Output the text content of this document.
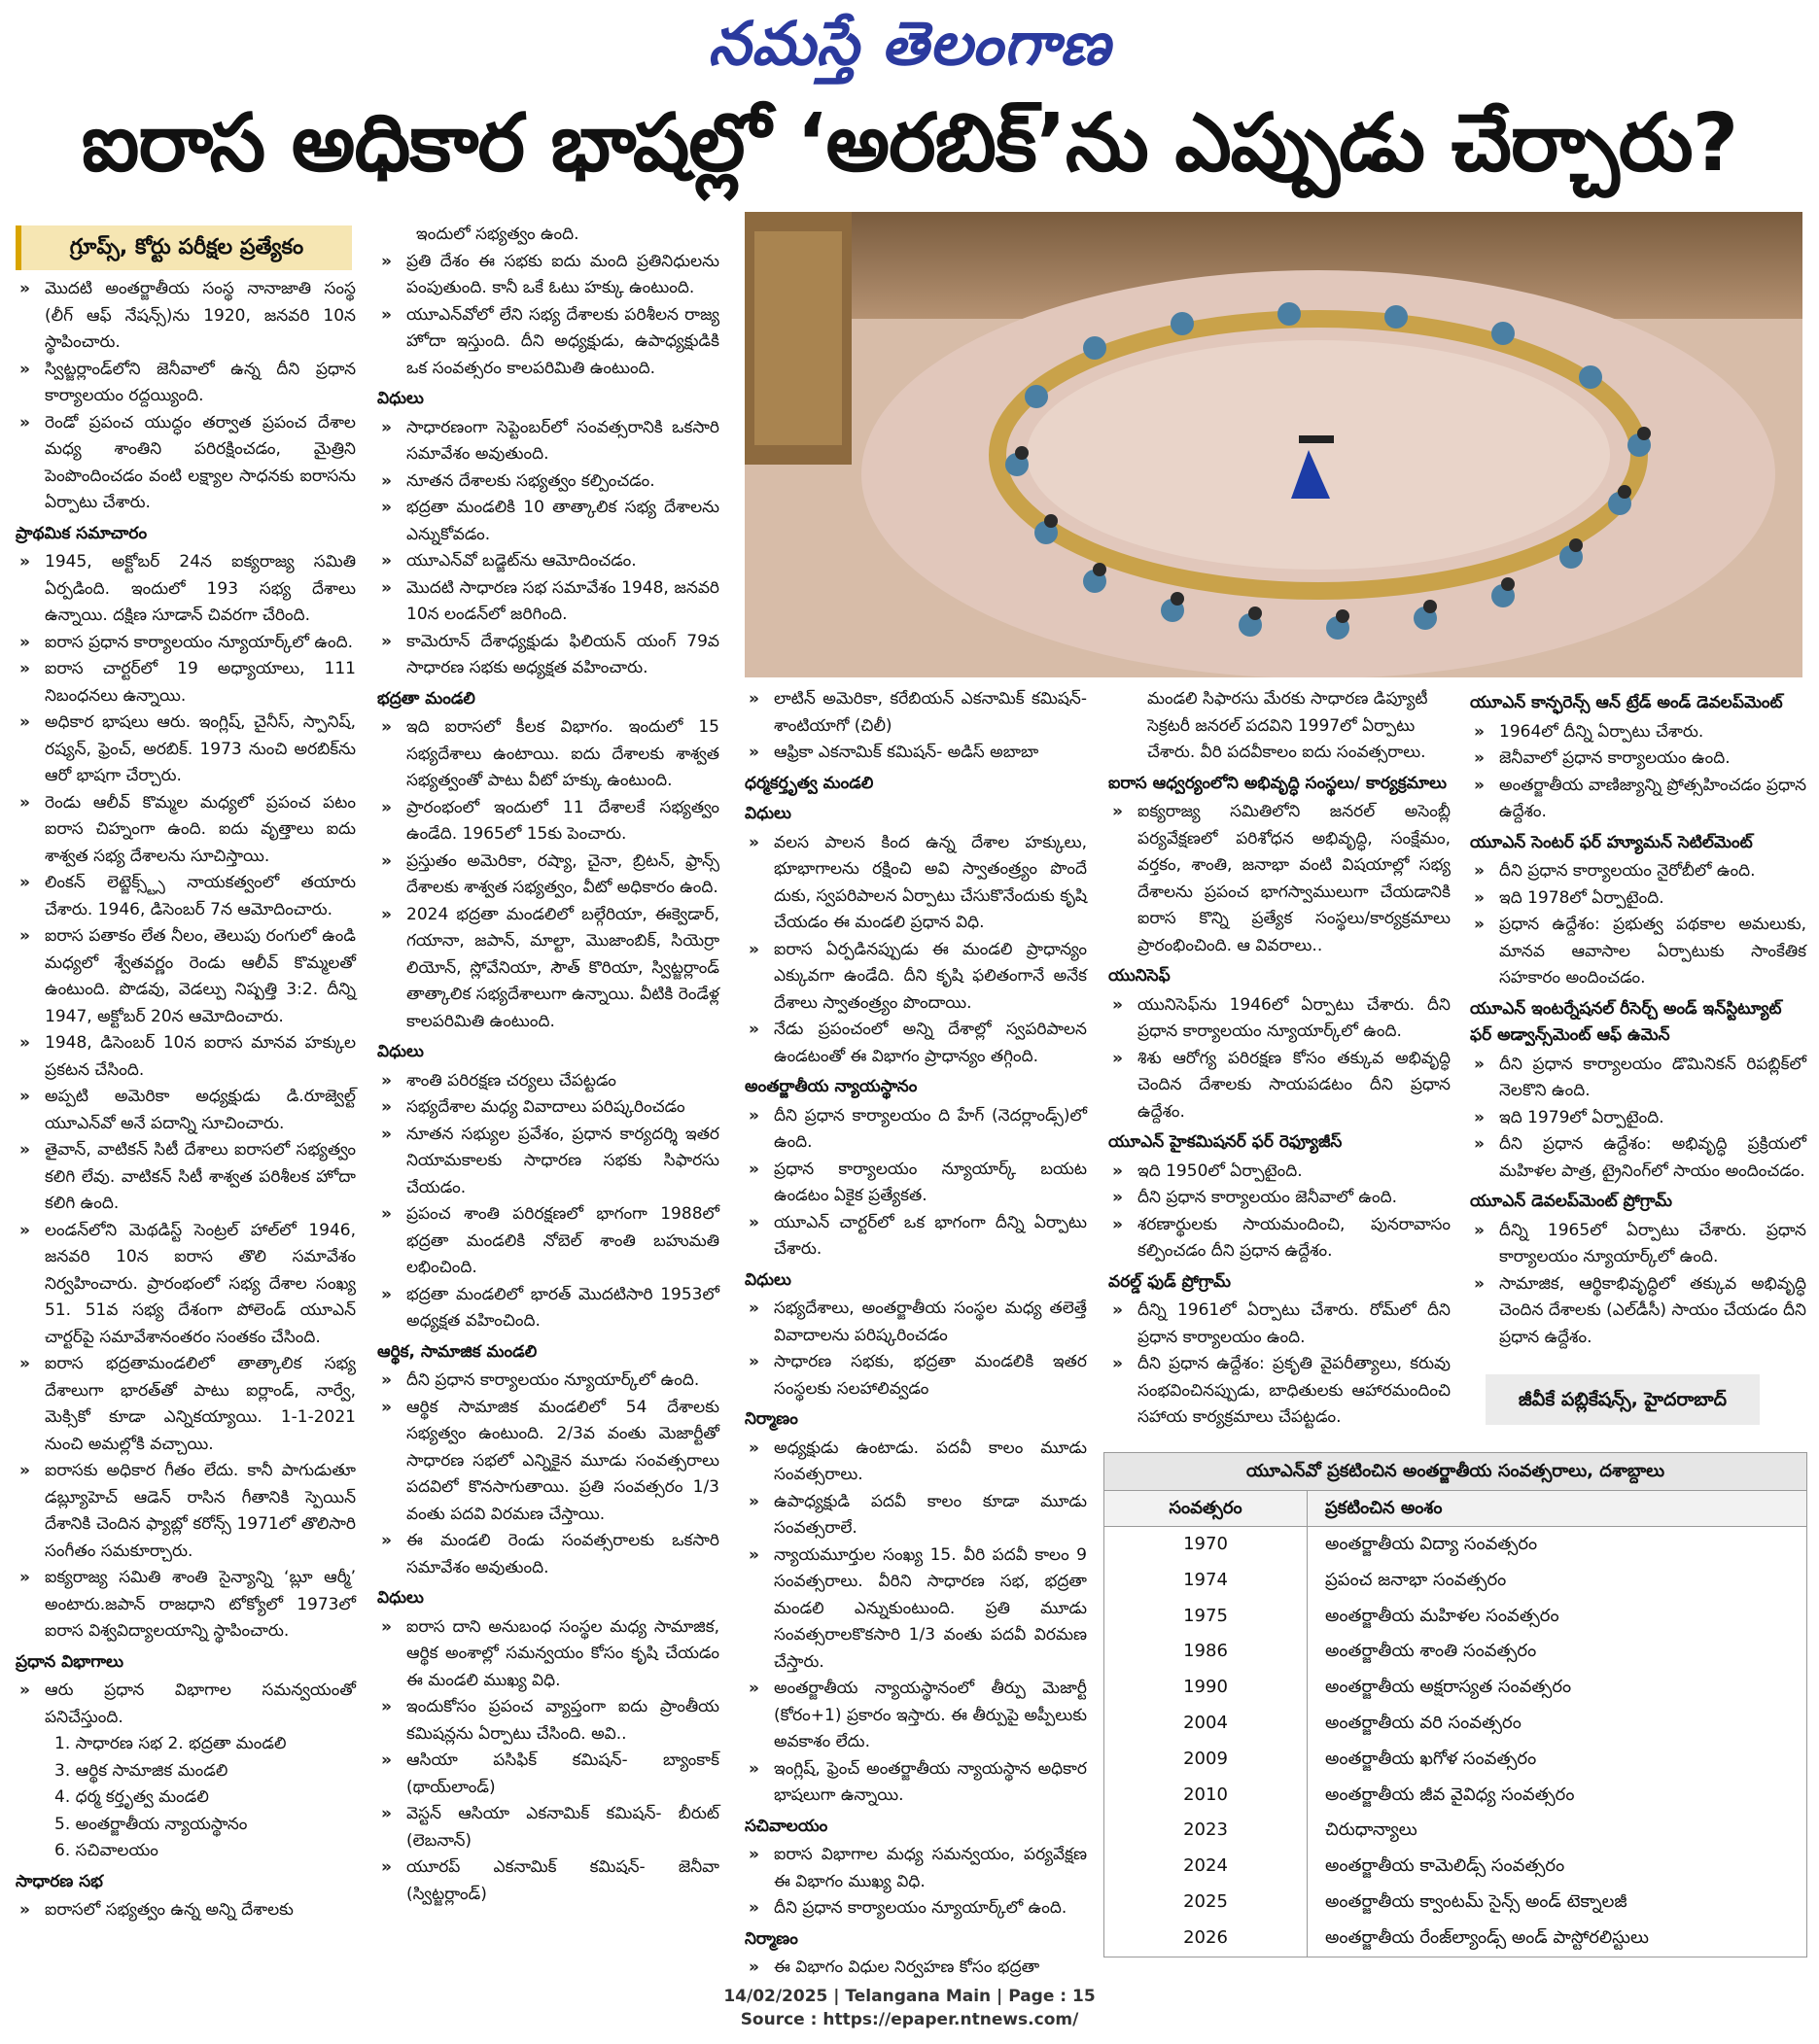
నమస్తే తెలంగాణ
ఐరాస అధికార భాషల్లో ‘అరబిక్’ను ఎప్పుడు చేర్చారు?
గ్రూప్స్, కోర్టు పరీక్షల ప్రత్యేకం

» మొదటి అంతర్జాతీయ సంస్థ నానాజాతి సంస్థ (లీగ్ ఆఫ్ నేషన్స్)ను 1920, జనవరి 10న స్థాపించారు.

» స్విట్జర్లాండ్‌లోని జెనీవాలో ఉన్న దీని ప్రధాన కార్యాలయం రద్దయ్యింది.

» రెండో ప్రపంచ యుద్ధం తర్వాత ప్రపంచ దేశాల మధ్య శాంతిని పరిరక్షించడం, మైత్రిని పెంపొందించడం వంటి లక్ష్యాల సాధనకు ఐరాసను ఏర్పాటు చేశారు.

ప్రాథమిక సమాచారం

» 1945, అక్టోబర్ 24న ఐక్యరాజ్య సమితి ఏర్పడింది. ఇందులో 193 సభ్య దేశాలు ఉన్నాయి. దక్షిణ సూడాన్ చివరగా చేరింది.

» ఐరాస ప్రధాన కార్యాలయం న్యూయార్క్‌లో ఉంది.

» ఐరాస చార్టర్‌లో 19 అధ్యాయాలు, 111 నిబంధనలు ఉన్నాయి.

» అధికార భాషలు ఆరు. ఇంగ్లిష్, చైనీస్, స్పానిష్, రష్యన్, ఫ్రెంచ్, అరబిక్. 1973 నుంచి అరబిక్‌ను ఆరో భాషగా చేర్చారు.

» రెండు ఆలీవ్ కొమ్మల మధ్యలో ప్రపంచ పటం ఐరాస చిహ్నంగా ఉంది. ఐదు వృత్తాలు ఐదు శాశ్వత సభ్య దేశాలను సూచిస్తాయి.

» లింకన్ లెట్జెక్స్ట్స్ నాయకత్వంలో తయారు చేశారు. 1946, డిసెంబర్ 7న ఆమోదించారు.

» ఐరాస పతాకం లేత నీలం, తెలుపు రంగులో ఉండి మధ్యలో శ్వేతవర్ణం రెండు ఆలీవ్ కొమ్మలతో ఉంటుంది. పొడవు, వెడల్పు నిష్పత్తి 3:2. దీన్ని 1947, అక్టోబర్ 20న ఆమోదించారు.

» 1948, డిసెంబర్ 10న ఐరాస మానవ హక్కుల ప్రకటన చేసింది.

» అప్పటి అమెరికా అధ్యక్షుడు డి.రూజ్వెల్ట్ యూఎన్‌వో అనే పదాన్ని సూచించారు.

» తైవాన్, వాటికన్ సిటీ దేశాలు ఐరాసలో సభ్యత్వం కలిగి లేవు. వాటికన్ సిటీ శాశ్వత పరిశీలక హోదా కలిగి ఉంది.

» లండన్‌లోని మెథడిస్ట్ సెంట్రల్ హాల్‌లో 1946, జనవరి 10న ఐరాస తొలి సమావేశం నిర్వహించారు. ప్రారంభంలో సభ్య దేశాల సంఖ్య 51. 51వ సభ్య దేశంగా పోలెండ్ యూఎన్ చార్టర్‌పై సమావేశానంతరం సంతకం చేసింది.

» ఐరాస భద్రతామండలిలో తాత్కాలిక సభ్య దేశాలుగా భారత్‌తో పాటు ఐర్లాండ్, నార్వే, మెక్సికో కూడా ఎన్నికయ్యాయి. 1-1-2021 నుంచి అమల్లోకి వచ్చాయి.

» ఐరాసకు అధికార గీతం లేదు. కానీ పాగుడుతూ డబ్ల్యూహెచ్ ఆడెన్ రాసిన గీతానికి స్పెయిన్ దేశానికి చెందిన ఫ్యాబ్లో కరోన్స్ 1971లో తొలిసారి సంగీతం సమకూర్చారు.

» ఐక్యరాజ్య సమితి శాంతి సైన్యాన్ని ‘బ్లూ ఆర్మీ’ అంటారు.జపాన్ రాజధాని టోక్యోలో 1973లో ఐరాస విశ్వవిద్యాలయాన్ని స్థాపించారు.

ప్రధాన విభాగాలు

» ఆరు ప్రధాన విభాగాల సమన్వయంతో పనిచేస్తుంది.

1. సాధారణ సభ 2. భద్రతా మండలి

3. ఆర్థిక సామాజిక మండలి

4. ధర్మ కర్తృత్వ మండలి

5. అంతర్జాతీయ న్యాయస్థానం

6. సచివాలయం

సాధారణ సభ

» ఐరాసలో సభ్యత్వం ఉన్న అన్ని దేశాలకు

ఇందులో సభ్యత్వం ఉంది.

» ప్రతి దేశం ఈ సభకు ఐదు మంది ప్రతినిధులను పంపుతుంది. కానీ ఒకే ఓటు హక్కు ఉంటుంది.

» యూఎన్‌వోలో లేని సభ్య దేశాలకు పరిశీలన రాజ్య హోదా ఇస్తుంది. దీని అధ్యక్షుడు, ఉపాధ్యక్షుడికి ఒక సంవత్సరం కాలపరిమితి ఉంటుంది.

విధులు

» సాధారణంగా సెప్టెంబర్‌లో సంవత్సరానికి ఒకసారి సమావేశం అవుతుంది.

» నూతన దేశాలకు సభ్యత్వం కల్పించడం.

» భద్రతా మండలికి 10 తాత్కాలిక సభ్య దేశాలను ఎన్నుకోవడం.

» యూఎన్‌వో బడ్జెట్‌ను ఆమోదించడం.

» మొదటి సాధారణ సభ సమావేశం 1948, జనవరి 10న లండన్‌లో జరిగింది.

» కామెరూన్ దేశాధ్యక్షుడు ఫిలియన్ యంగ్ 79వ సాధారణ సభకు అధ్యక్షత వహించారు.

భద్రతా మండలి

» ఇది ఐరాసలో కీలక విభాగం. ఇందులో 15 సభ్యదేశాలు ఉంటాయి. ఐదు దేశాలకు శాశ్వత సభ్యత్వంతో పాటు వీటో హక్కు ఉంటుంది.

» ప్రారంభంలో ఇందులో 11 దేశాలకే సభ్యత్వం ఉండేది. 1965లో 15కు పెంచారు.

» ప్రస్తుతం అమెరికా, రష్యా, చైనా, బ్రిటన్, ఫ్రాన్స్ దేశాలకు శాశ్వత సభ్యత్వం, వీటో అధికారం ఉంది.

» 2024 భద్రతా మండలిలో బల్గేరియా, ఈక్వెడార్, గయానా, జపాన్, మాల్టా, మొజాంబిక్, సియెర్రా లియోన్, స్లోవేనియా, సౌత్ కొరియా, స్విట్జర్లాండ్ తాత్కాలిక సభ్యదేశాలుగా ఉన్నాయి. వీటికి రెండేళ్ల కాలపరిమితి ఉంటుంది.

విధులు

» శాంతి పరిరక్షణ చర్యలు చేపట్టడం

» సభ్యదేశాల మధ్య వివాదాలు పరిష్కరించడం

» నూతన సభ్యుల ప్రవేశం, ప్రధాన కార్యదర్శి ఇతర నియామకాలకు సాధారణ సభకు సిఫారసు చేయడం.

» ప్రపంచ శాంతి పరిరక్షణలో భాగంగా 1988లో భద్రతా మండలికి నోబెల్ శాంతి బహుమతి లభించింది.

» భద్రతా మండలిలో భారత్ మొదటిసారి 1953లో అధ్యక్షత వహించింది.

ఆర్థిక, సామాజిక మండలి

» దీని ప్రధాన కార్యాలయం న్యూయార్క్‌లో ఉంది.

» ఆర్థిక సామాజిక మండలిలో 54 దేశాలకు సభ్యత్వం ఉంటుంది. 2/3వ వంతు మెజార్టీతో సాధారణ సభలో ఎన్నికైన మూడు సంవత్సరాలు పదవిలో కొనసాగుతాయి. ప్రతి సంవత్సరం 1/3 వంతు పదవి విరమణ చేస్తాయి.

» ఈ మండలి రెండు సంవత్సరాలకు ఒకసారి సమావేశం అవుతుంది.

విధులు

» ఐరాస దాని అనుబంధ సంస్థల మధ్య సామాజిక, ఆర్థిక అంశాల్లో సమన్వయం కోసం కృషి చేయడం ఈ మండలి ముఖ్య విధి.

» ఇందుకోసం ప్రపంచ వ్యాప్తంగా ఐదు ప్రాంతీయ కమిషన్లను ఏర్పాటు చేసింది. అవి..

» ఆసియా పసిఫిక్ కమిషన్- బ్యాంకాక్ (థాయ్‌లాండ్)

» వెస్టన్ ఆసియా ఎకనామిక్ కమిషన్- బీరుట్ (లెబనాన్)

» యూరప్ ఎకనామిక్ కమిషన్- జెనీవా (స్విట్జర్లాండ్)

» లాటిన్ అమెరికా, కరేబియన్ ఎకనామిక్ కమిషన్- శాంటియాగో (చిలీ)

» ఆఫ్రికా ఎకనామిక్ కమిషన్- అడిస్ అబాబా

ధర్మకర్తృత్వ మండలి

విధులు

» వలస పాలన కింద ఉన్న దేశాల హక్కులు, భూభాగాలను రక్షించి అవి స్వాతంత్ర్యం పొందే దుకు, స్వపరిపాలన ఏర్పాటు చేసుకొనేందుకు కృషి చేయడం ఈ మండలి ప్రధాన విధి.

» ఐరాస ఏర్పడినప్పుడు ఈ మండలి ప్రాధాన్యం ఎక్కువగా ఉండేది. దీని కృషి ఫలితంగానే అనేక దేశాలు స్వాతంత్ర్యం పొందాయి.

» నేడు ప్రపంచంలో అన్ని దేశాల్లో స్వపరిపాలన ఉండటంతో ఈ విభాగం ప్రాధాన్యం తగ్గింది.

అంతర్జాతీయ న్యాయస్థానం

» దీని ప్రధాన కార్యాలయం ది హేగ్ (నెదర్లాండ్స్)లో ఉంది.

» ప్రధాన కార్యాలయం న్యూయార్క్ బయట ఉండటం ఏకైక ప్రత్యేకత.

» యూఎన్ చార్టర్‌లో ఒక భాగంగా దీన్ని ఏర్పాటు చేశారు.

విధులు

» సభ్యదేశాలు, అంతర్జాతీయ సంస్థల మధ్య తలెత్తే వివాదాలను పరిష్కరించడం

» సాధారణ సభకు, భద్రతా మండలికి ఇతర సంస్థలకు సలహాలివ్వడం

నిర్మాణం

» అధ్యక్షుడు ఉంటాడు. పదవీ కాలం మూడు సంవత్సరాలు.

» ఉపాధ్యక్షుడి పదవీ కాలం కూడా మూడు సంవత్సరాలే.

» న్యాయమూర్తుల సంఖ్య 15. వీరి పదవీ కాలం 9 సంవత్సరాలు. వీరిని సాధారణ సభ, భద్రతా మండలి ఎన్నుకుంటుంది. ప్రతి మూడు సంవత్సరాలకొకసారి 1/3 వంతు పదవీ విరమణ చేస్తారు.

» అంతర్జాతీయ న్యాయస్థానంలో తీర్పు మెజార్టీ (కోరం+1) ప్రకారం ఇస్తారు. ఈ తీర్పుపై అప్పీలుకు అవకాశం లేదు.

» ఇంగ్లిష్, ఫ్రెంచ్ అంతర్జాతీయ న్యాయస్థాన అధికార భాషలుగా ఉన్నాయి.

సచివాలయం

» ఐరాస విభాగాల మధ్య సమన్వయం, పర్యవేక్షణ ఈ విభాగం ముఖ్య విధి.

» దీని ప్రధాన కార్యాలయం న్యూయార్క్‌లో ఉంది.

నిర్మాణం

» ఈ విభాగం విధుల నిర్వహణ కోసం భద్రతా

మండలి సిఫారసు మేరకు సాధారణ డిప్యూటీ సెక్రటరీ జనరల్ పదవిని 1997లో ఏర్పాటు చేశారు. వీరి పదవీకాలం ఐదు సంవత్సరాలు.

ఐరాస ఆధ్వర్యంలోని అభివృద్ధి సంస్థలు/ కార్యక్రమాలు

» ఐక్యరాజ్య సమితిలోని జనరల్ అసెంబ్లీ పర్యవేక్షణలో పరిశోధన అభివృద్ధి, సంక్షేమం, వర్తకం, శాంతి, జనాభా వంటి విషయాల్లో సభ్య దేశాలను ప్రపంచ భాగస్వాములుగా చేయడానికి ఐరాస కొన్ని ప్రత్యేక సంస్థలు/కార్యక్రమాలు ప్రారంభించింది. ఆ వివరాలు..

యునిసెఫ్

» యునిసెఫ్‌ను 1946లో ఏర్పాటు చేశారు. దీని ప్రధాన కార్యాలయం న్యూయార్క్‌లో ఉంది.

» శిశు ఆరోగ్య పరిరక్షణ కోసం తక్కువ అభివృద్ధి చెందిన దేశాలకు సాయపడటం దీని ప్రధాన ఉద్దేశం.

యూఎన్ హైకమిషనర్ ఫర్ రెఫ్యూజీస్

» ఇది 1950లో ఏర్పాటైంది.

» దీని ప్రధాన కార్యాలయం జెనీవాలో ఉంది.

» శరణార్థులకు సాయమందించి, పునరావాసం కల్పించడం దీని ప్రధాన ఉద్దేశం.

వరల్డ్ ఫుడ్ ప్రోగ్రామ్

» దీన్ని 1961లో ఏర్పాటు చేశారు. రోమ్‌లో దీని ప్రధాన కార్యాలయం ఉంది.

» దీని ప్రధాన ఉద్దేశం: ప్రకృతి వైపరీత్యాలు, కరువు సంభవించినప్పుడు, బాధితులకు ఆహారమందించి సహాయ కార్యక్రమాలు చేపట్టడం.

యూఎన్ కాన్ఫరెన్స్ ఆన్ ట్రేడ్ అండ్ డెవలప్‌మెంట్

» 1964లో దీన్ని ఏర్పాటు చేశారు.

» జెనీవాలో ప్రధాన కార్యాలయం ఉంది.

» అంతర్జాతీయ వాణిజ్యాన్ని ప్రోత్సహించడం ప్రధాన ఉద్దేశం.

యూఎన్ సెంటర్ ఫర్ హ్యూమన్ సెటిల్‌మెంట్

» దీని ప్రధాన కార్యాలయం నైరోబీలో ఉంది.

» ఇది 1978లో ఏర్పాటైంది.

» ప్రధాన ఉద్దేశం: ప్రభుత్వ పథకాల అమలుకు, మానవ ఆవాసాల ఏర్పాటుకు సాంకేతిక సహకారం అందించడం.

యూఎన్ ఇంటర్నేషనల్ రీసెర్చ్ అండ్ ఇన్‌స్టిట్యూట్ ఫర్ అడ్వాన్స్‌మెంట్ ఆఫ్ ఉమెన్

» దీని ప్రధాన కార్యాలయం డొమినికన్ రిపబ్లిక్‌లో నెలకొని ఉంది.

» ఇది 1979లో ఏర్పాటైంది.

» దీని ప్రధాన ఉద్దేశం: అభివృద్ధి ప్రక్రియలో మహిళల పాత్ర, ట్రైనింగ్‌లో సాయం అందించడం.

యూఎన్ డెవలప్‌మెంట్ ప్రోగ్రామ్

» దీన్ని 1965లో ఏర్పాటు చేశారు. ప్రధాన కార్యాలయం న్యూయార్క్‌లో ఉంది.

» సామాజిక, ఆర్థికాభివృద్ధిలో తక్కువ అభివృద్ధి చెందిన దేశాలకు (ఎల్‌డీసీ) సాయం చేయడం దీని ప్రధాన ఉద్దేశం.

జీవీకే పబ్లికేషన్స్, హైదరాబాద్
యూఎన్‌వో ప్రకటించిన అంతర్జాతీయ సంవత్సరాలు, దశాబ్దాలు
సంవత్సరం	ప్రకటించిన అంశం
1970	అంతర్జాతీయ విద్యా సంవత్సరం
1974	ప్రపంచ జనాభా సంవత్సరం
1975	అంతర్జాతీయ మహిళల సంవత్సరం
1986	అంతర్జాతీయ శాంతి సంవత్సరం
1990	అంతర్జాతీయ అక్షరాస్యత సంవత్సరం
2004	అంతర్జాతీయ వరి సంవత్సరం
2009	అంతర్జాతీయ ఖగోళ సంవత్సరం
2010	అంతర్జాతీయ జీవ వైవిధ్య సంవత్సరం
2023	చిరుధాన్యాలు
2024	అంతర్జాతీయ కామెలిడ్స్ సంవత్సరం
2025	అంతర్జాతీయ క్వాంటమ్ సైన్స్ అండ్ టెక్నాలజీ
2026	అంతర్జాతీయ రేంజ్‌ల్యాండ్స్ అండ్ పాస్టోరలిస్టులు
14/02/2025 | Telangana Main | Page : 15
Source : https://epaper.ntnews.com/
